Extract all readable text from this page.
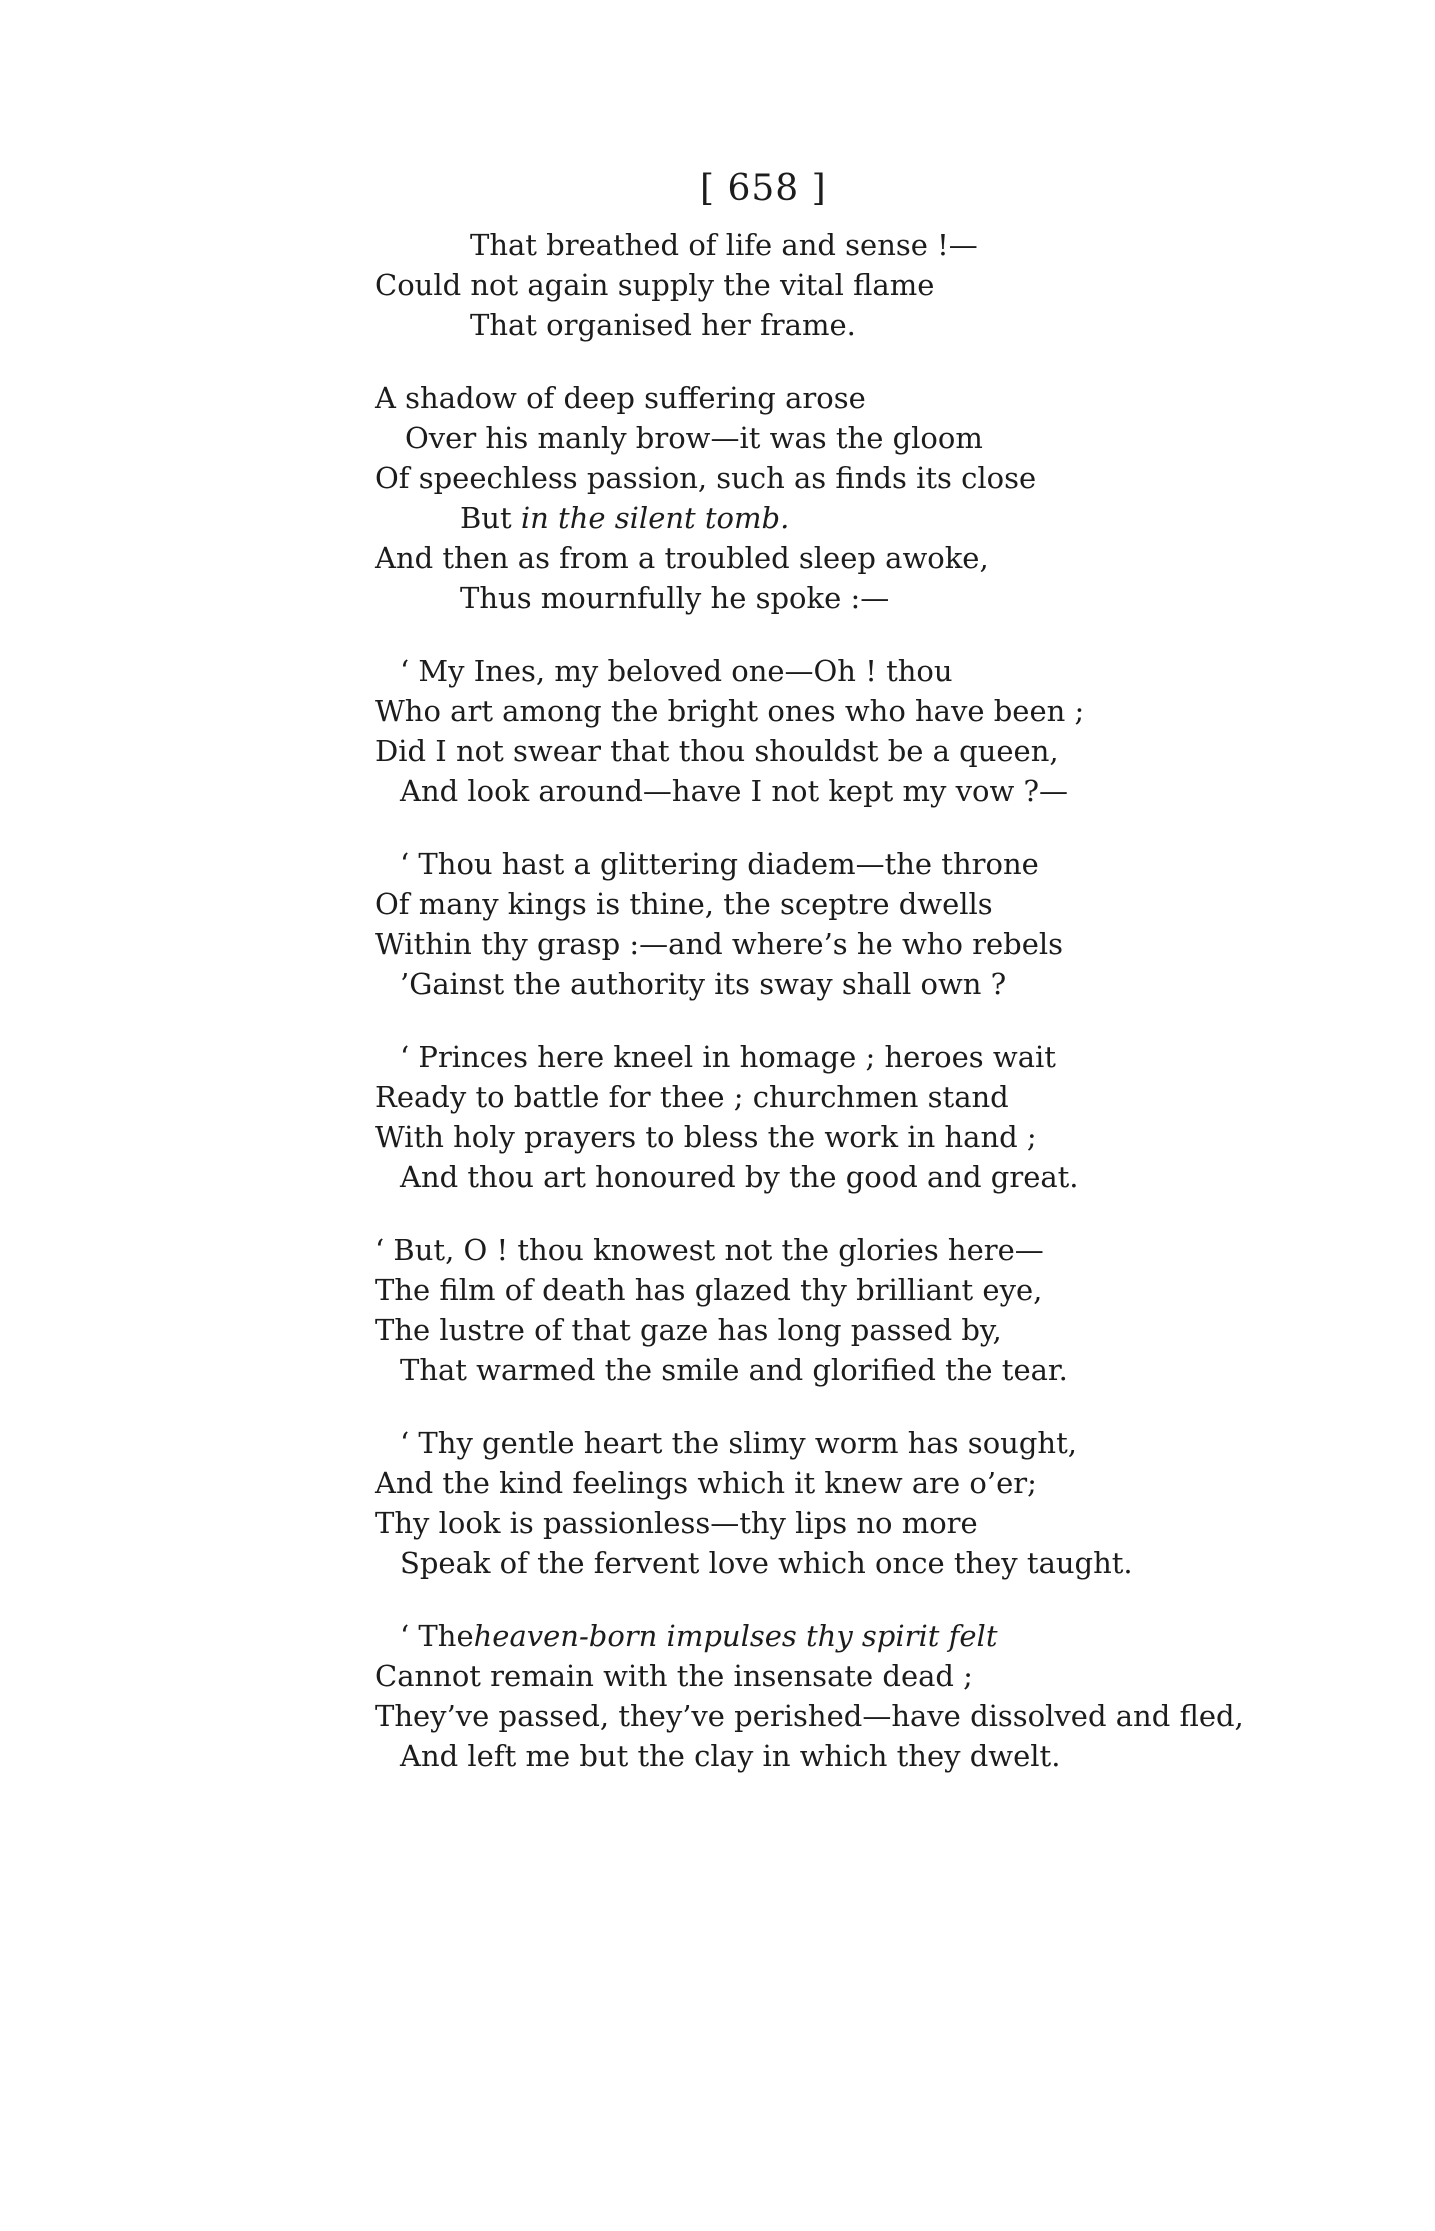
[ 658 ]
That breathed of life and sense !—
Could not again supply the vital flame
That organised her frame.
A shadow of deep suffering arose
Over his manly brow—it was the gloom
Of speechless passion, such as finds its close
But in the silent tomb.
And then as from a troubled sleep awoke,
Thus mournfully he spoke :—
‘ My Ines, my beloved one—Oh ! thou
Who art among the bright ones who have been ;
Did I not swear that thou shouldst be a queen,
And look around—have I not kept my vow ?—
‘ Thou hast a glittering diadem—the throne
Of many kings is thine, the sceptre dwells
Within thy grasp :—and where’s he who rebels
’Gainst the authority its sway shall own ?
‘ Princes here kneel in homage ; heroes wait
Ready to battle for thee ; churchmen stand
With holy prayers to bless the work in hand ;
And thou art honoured by the good and great.
‘ But, O ! thou knowest not the glories here—
The film of death has glazed thy brilliant eye,
The lustre of that gaze has long passed by,
That warmed the smile and glorified the tear.
‘ Thy gentle heart the slimy worm has sought,
And the kind feelings which it knew are o’er;
Thy look is passionless—thy lips no more
Speak of the fervent love which once they taught.
‘ Theheaven-born impulses thy spirit felt
Cannot remain with the insensate dead ;
They’ve passed, they’ve perished—have dissolved and fled,
And left me but the clay in which they dwelt.
